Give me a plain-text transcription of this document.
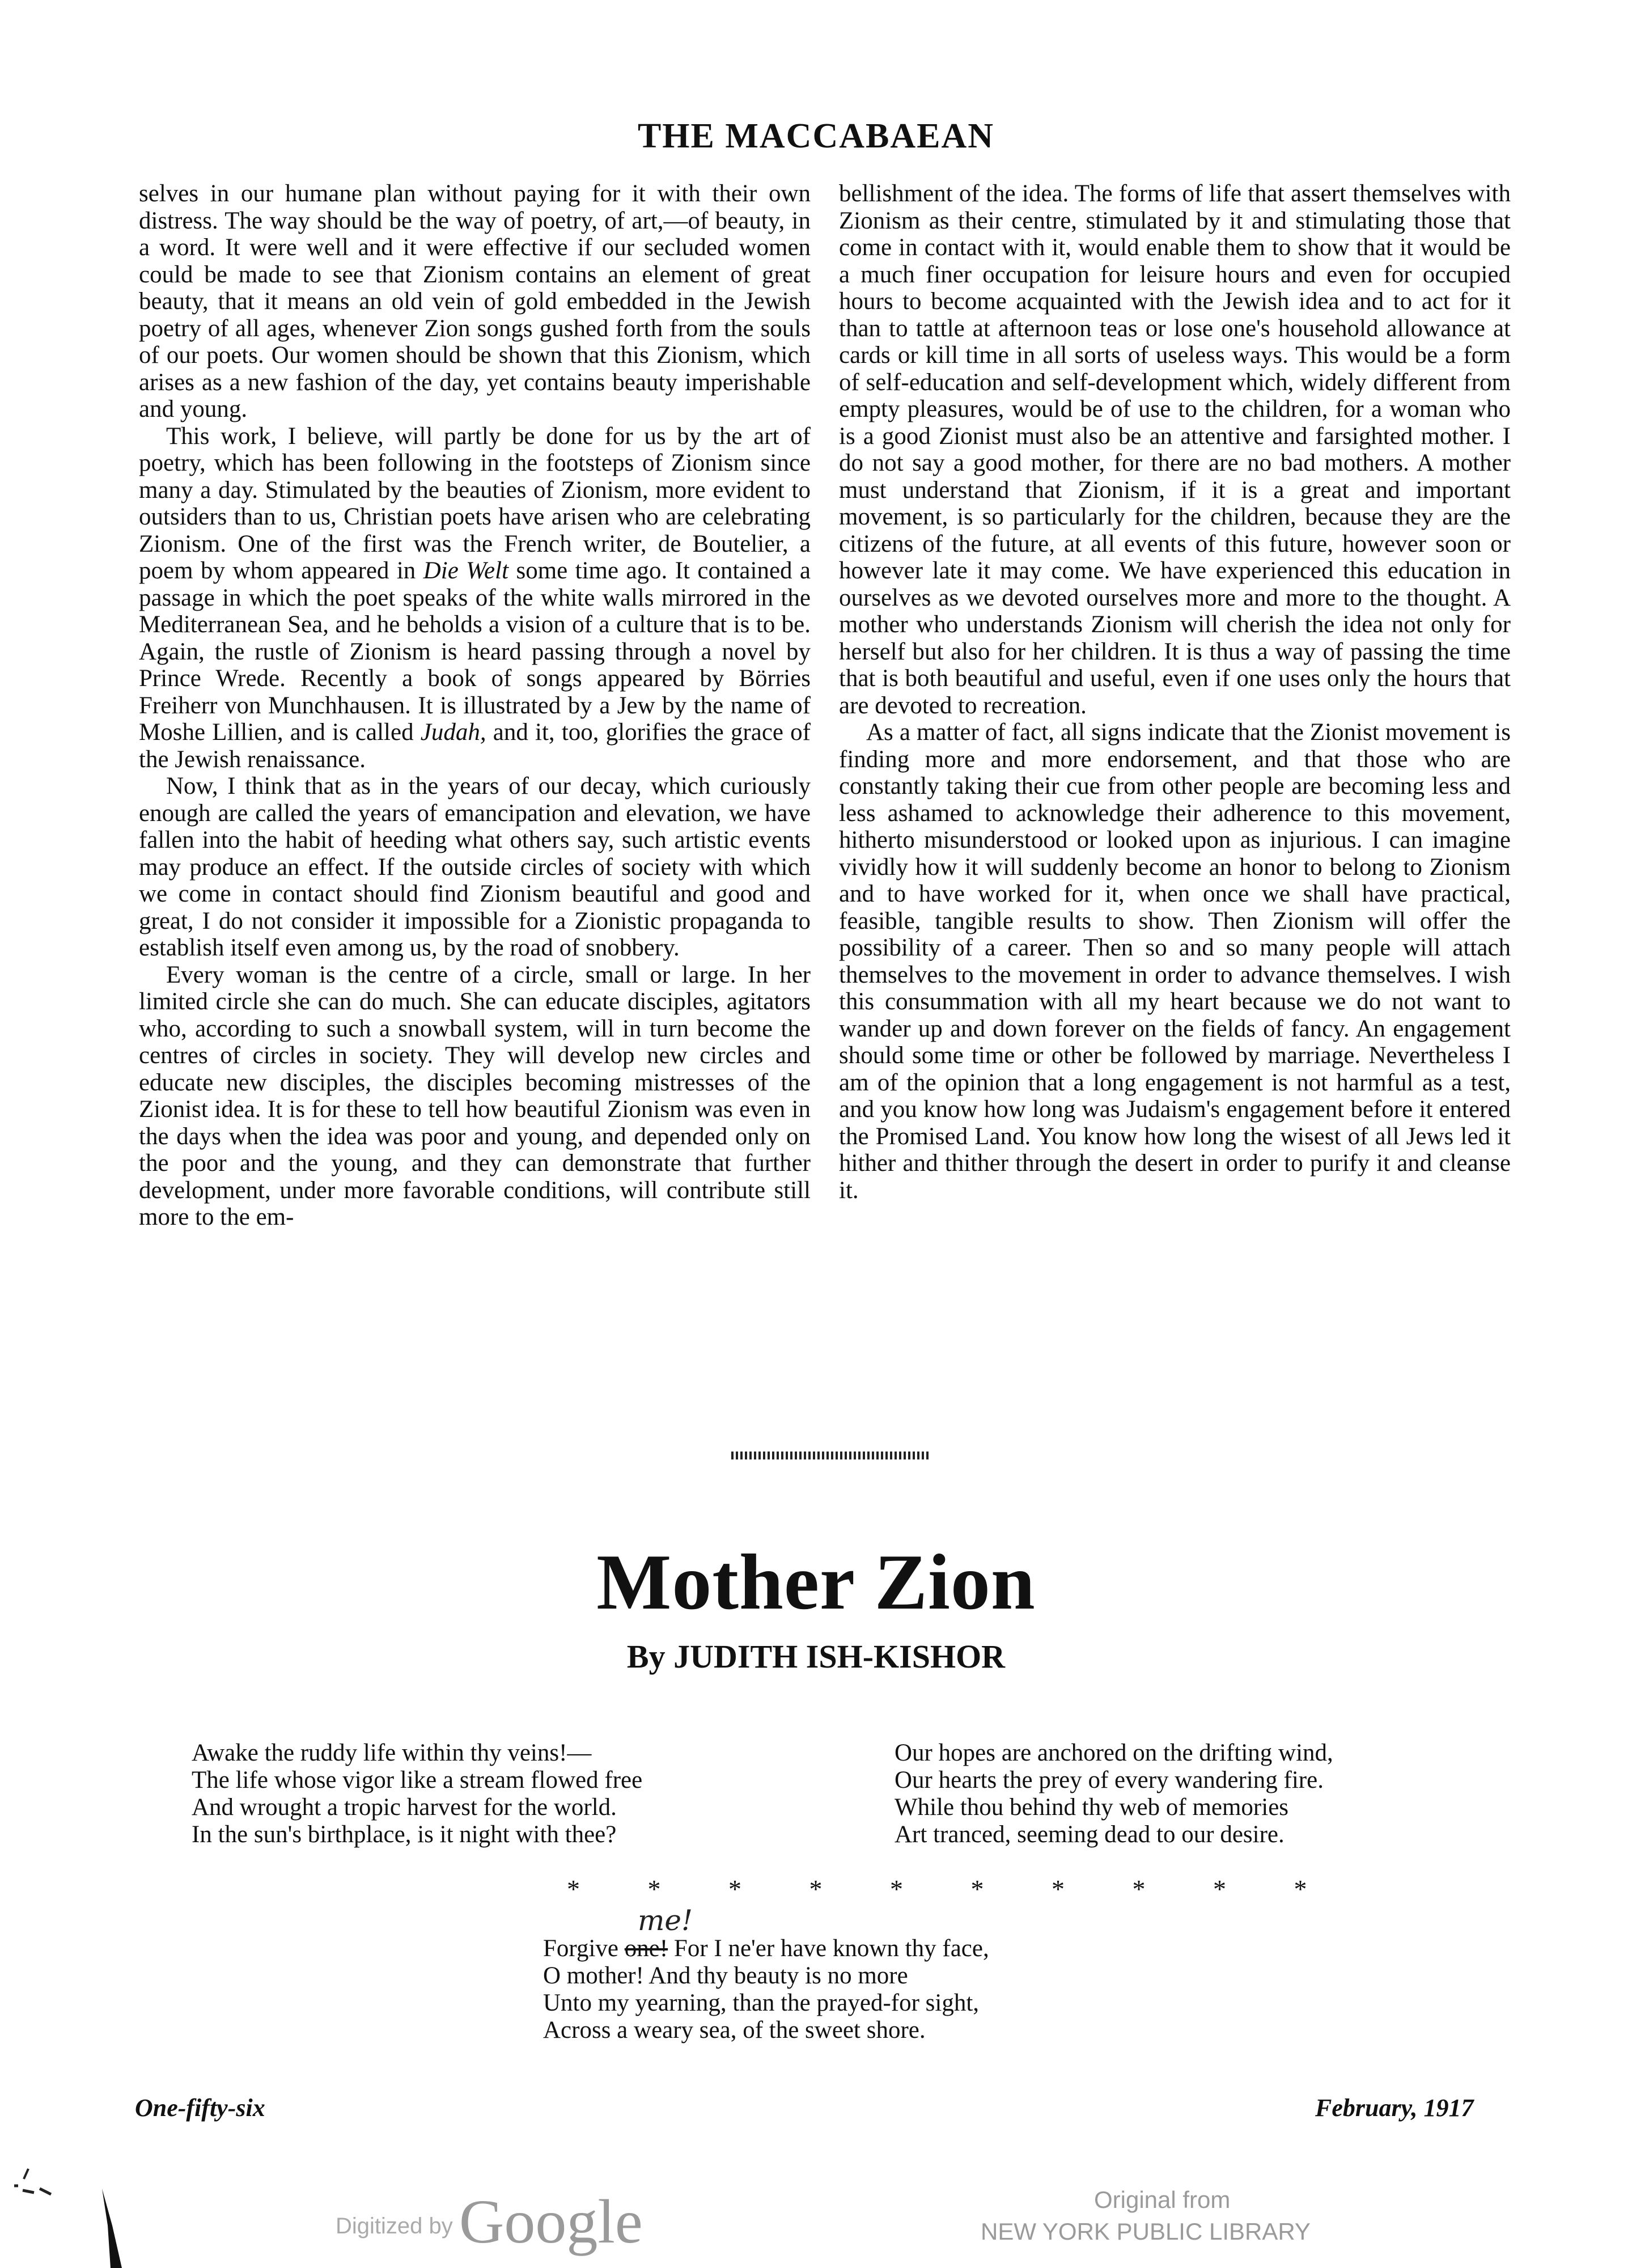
THE MACCABAEAN

selves in our humane plan without paying for it with their own distress. The way should be the way of poetry, of art,—of beauty, in a word. It were well and it were effective if our secluded women could be made to see that Zionism contains an element of great beauty, that it means an old vein of gold embedded in the Jewish poetry of all ages, whenever Zion songs gushed forth from the souls of our poets. Our women should be shown that this Zionism, which arises as a new fashion of the day, yet contains beauty imperishable and young.

This work, I believe, will partly be done for us by the art of poetry, which has been following in the footsteps of Zionism since many a day. Stimulated by the beauties of Zionism, more evident to outsiders than to us, Christian poets have arisen who are celebrating Zionism. One of the first was the French writer, de Boutelier, a poem by whom appeared in Die Welt some time ago. It contained a passage in which the poet speaks of the white walls mirrored in the Mediterranean Sea, and he beholds a vision of a culture that is to be. Again, the rustle of Zionism is heard passing through a novel by Prince Wrede. Recently a book of songs appeared by Börries Freiherr von Munchhausen. It is illustrated by a Jew by the name of Moshe Lillien, and is called Judah, and it, too, glorifies the grace of the Jewish renaissance.

Now, I think that as in the years of our decay, which curiously enough are called the years of emancipation and elevation, we have fallen into the habit of heeding what others say, such artistic events may produce an effect. If the outside circles of society with which we come in contact should find Zionism beautiful and good and great, I do not consider it impossible for a Zionistic propaganda to establish itself even among us, by the road of snobbery.

Every woman is the centre of a circle, small or large. In her limited circle she can do much. She can educate disciples, agitators who, according to such a snowball system, will in turn become the centres of circles in society. They will develop new circles and educate new disciples, the disciples becoming mistresses of the Zionist idea. It is for these to tell how beautiful Zionism was even in the days when the idea was poor and young, and depended only on the poor and the young, and they can demonstrate that further development, under more favorable conditions, will contribute still more to the em-

bellishment of the idea. The forms of life that assert themselves with Zionism as their centre, stimulated by it and stimulating those that come in contact with it, would enable them to show that it would be a much finer occupation for leisure hours and even for occupied hours to become acquainted with the Jewish idea and to act for it than to tattle at afternoon teas or lose one's household allowance at cards or kill time in all sorts of useless ways. This would be a form of self-education and self-development which, widely different from empty pleasures, would be of use to the children, for a woman who is a good Zionist must also be an attentive and farsighted mother. I do not say a good mother, for there are no bad mothers. A mother must understand that Zionism, if it is a great and important movement, is so particularly for the children, because they are the citizens of the future, at all events of this future, however soon or however late it may come. We have experienced this education in ourselves as we devoted ourselves more and more to the thought. A mother who understands Zionism will cherish the idea not only for herself but also for her children. It is thus a way of passing the time that is both beautiful and useful, even if one uses only the hours that are devoted to recreation.

As a matter of fact, all signs indicate that the Zionist movement is finding more and more endorsement, and that those who are constantly taking their cue from other people are becoming less and less ashamed to acknowledge their adherence to this movement, hitherto misunderstood or looked upon as injurious. I can imagine vividly how it will suddenly become an honor to belong to Zionism and to have worked for it, when once we shall have practical, feasible, tangible results to show. Then Zionism will offer the possibility of a career. Then so and so many people will attach themselves to the movement in order to advance themselves. I wish this consummation with all my heart because we do not want to wander up and down forever on the fields of fancy. An engagement should some time or other be followed by marriage. Nevertheless I am of the opinion that a long engagement is not harmful as a test, and you know how long was Judaism's engagement before it entered the Promised Land. You know how long the wisest of all Jews led it hither and thither through the desert in order to purify it and cleanse it.

Mother Zion
By JUDITH ISH-KISHOR
Awake the ruddy life within thy veins!—
The life whose vigor like a stream flowed free
And wrought a tropic harvest for the world.
In the sun's birthplace, is it night with thee?
Our hopes are anchored on the drifting wind,
Our hearts the prey of every wandering fire.
While thou behind thy web of memories
Art tranced, seeming dead to our desire.
* * * * * * * * * *
me!
Forgive one! For I ne'er have known thy face,
O mother! And thy beauty is no more
Unto my yearning, than the prayed-for sight,
Across a weary sea, of the sweet shore.
One-fifty-six	February, 1917
Digitized by Google	Original from
NEW YORK PUBLIC LIBRARY
